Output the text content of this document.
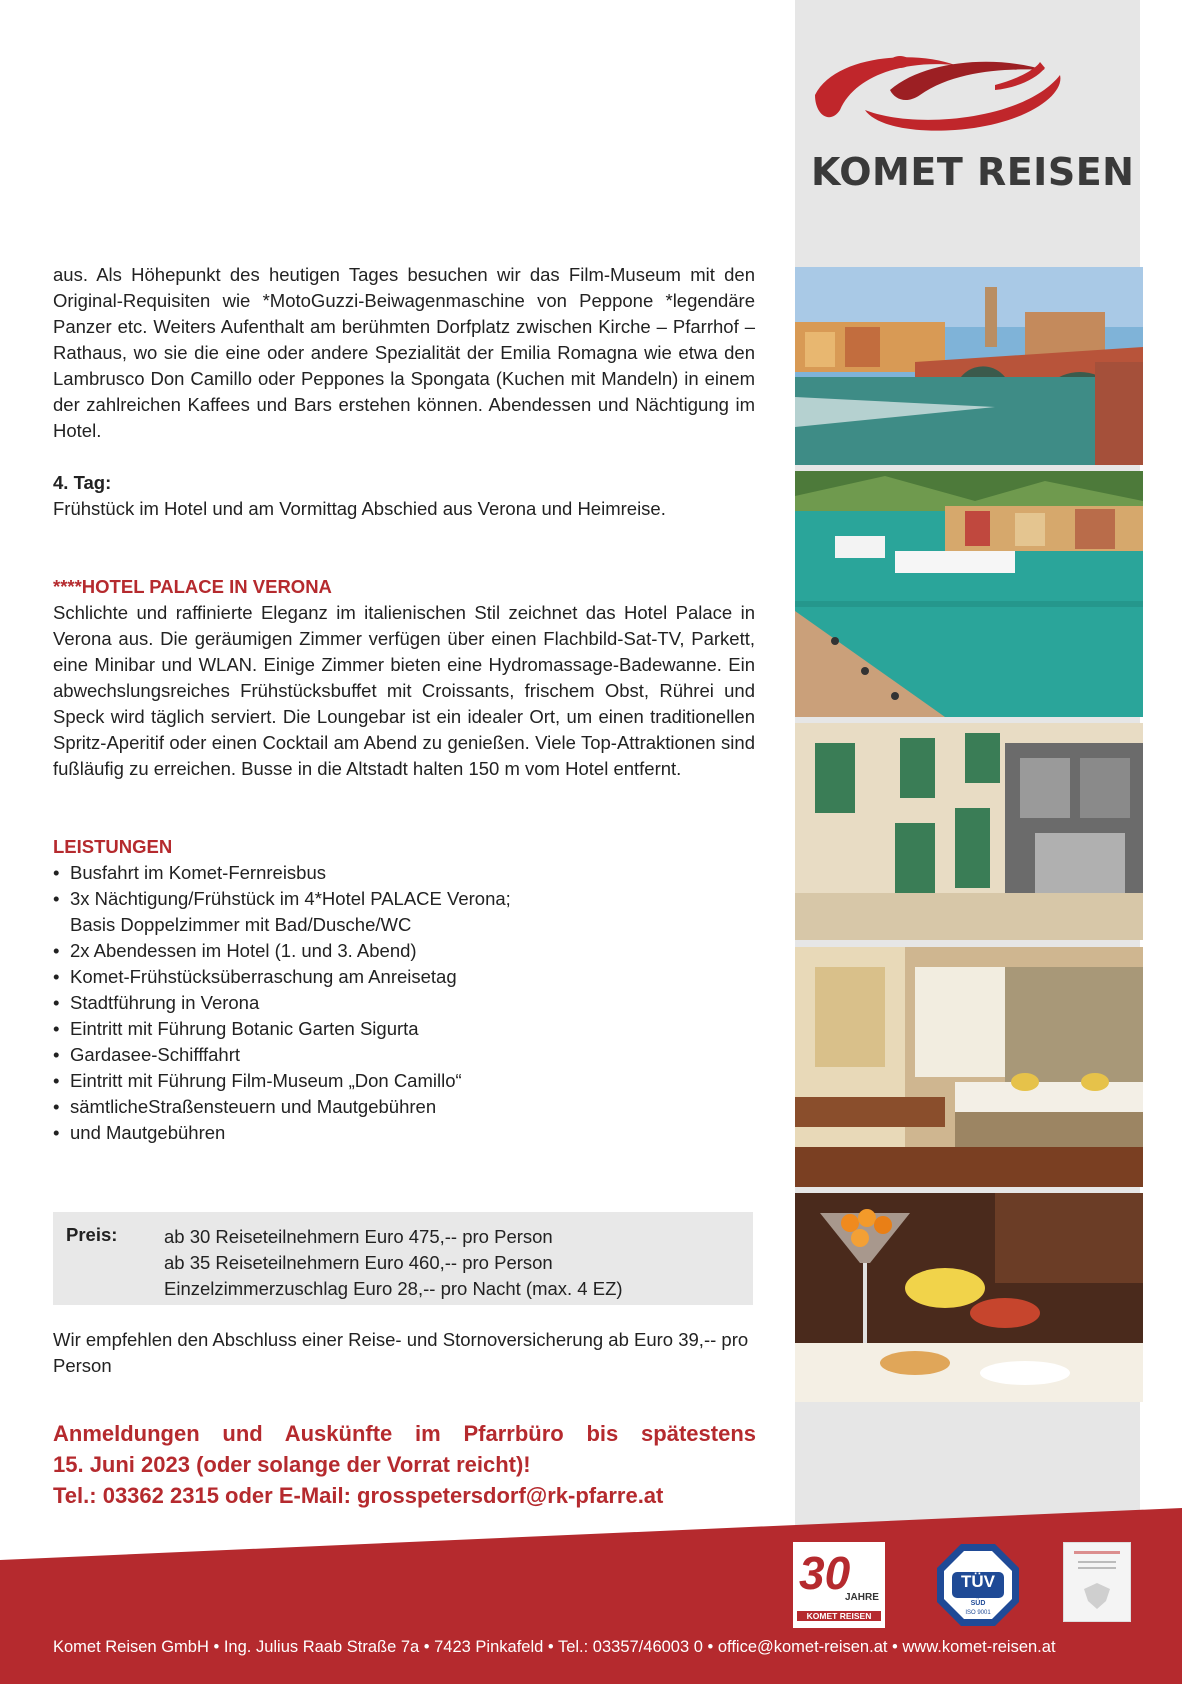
KOMET REISEN

aus. Als Höhepunkt des heutigen Tages besuchen wir das Film-Museum mit den Original-Requisiten wie *MotoGuzzi-Beiwagenmaschine von Peppone *legendäre Panzer etc. Weiters Aufenthalt am berühmten Dorfplatz zwischen Kirche – Pfarrhof – Rathaus, wo sie die eine oder andere Spezialität der Emilia Romagna wie etwa den Lambrusco Don Camillo oder Peppones la Spongata (Kuchen mit Mandeln) in einem der zahlreichen Kaffees und Bars erstehen können. Abendessen und Nächtigung im Hotel.

4. Tag:

Frühstück im Hotel und am Vormittag Abschied aus Verona und Heimreise.

****HOTEL PALACE IN VERONA

Schlichte und raffinierte Eleganz im italienischen Stil zeichnet das Hotel Palace in Verona aus. Die geräumigen Zimmer verfügen über einen Flachbild-Sat-TV, Parkett, eine Minibar und WLAN. Einige Zimmer bieten eine Hydromassage-Badewanne. Ein abwechslungsreiches Frühstücksbuffet mit Croissants, frischem Obst, Rührei und Speck wird täglich serviert. Die Loungebar ist ein idealer Ort, um einen traditionellen Spritz-Aperitif oder einen Cocktail am Abend zu genießen. Viele Top-Attraktionen sind fußläufig zu erreichen. Busse in die Altstadt halten 150 m vom Hotel entfernt.

LEISTUNGEN
• Busfahrt im Komet-Fernreisbus
• 3x Nächtigung/Frühstück im 4*Hotel PALACE Verona;
Basis Doppelzimmer mit Bad/Dusche/WC
• 2x Abendessen im Hotel (1. und 3. Abend)
• Komet-Frühstücksüberraschung am Anreisetag
• Stadtführung in Verona
• Eintritt mit Führung Botanic Garten Sigurta
• Gardasee-Schifffahrt
• Eintritt mit Führung Film-Museum „Don Camillo“
• sämtlicheStraßensteuern und Mautgebühren
• und Mautgebühren
Preis:	ab 30 Reiseteilnehmern Euro 475,-- pro Person
ab 35 Reiseteilnehmern Euro 460,-- pro Person
Einzelzimmerzuschlag Euro 28,-- pro Nacht (max. 4 EZ)
Wir empfehlen den Abschluss einer Reise- und Stornoversicherung ab Euro 39,-- pro Person
Anmeldungen und Auskünfte im Pfarrbüro bis spätestens
15. Juni 2023 (oder solange der Vorrat reicht)!
Tel.: 03362 2315 oder E-Mail: grosspetersdorf@rk-pfarre.at
30
JAHRE
KOMET REISEN
TÜV
SÜD
ISO 9001
Komet Reisen GmbH • Ing. Julius Raab Straße 7a • 7423 Pinkafeld • Tel.: 03357/46003 0 • office@komet-reisen.at • www.komet-reisen.at
